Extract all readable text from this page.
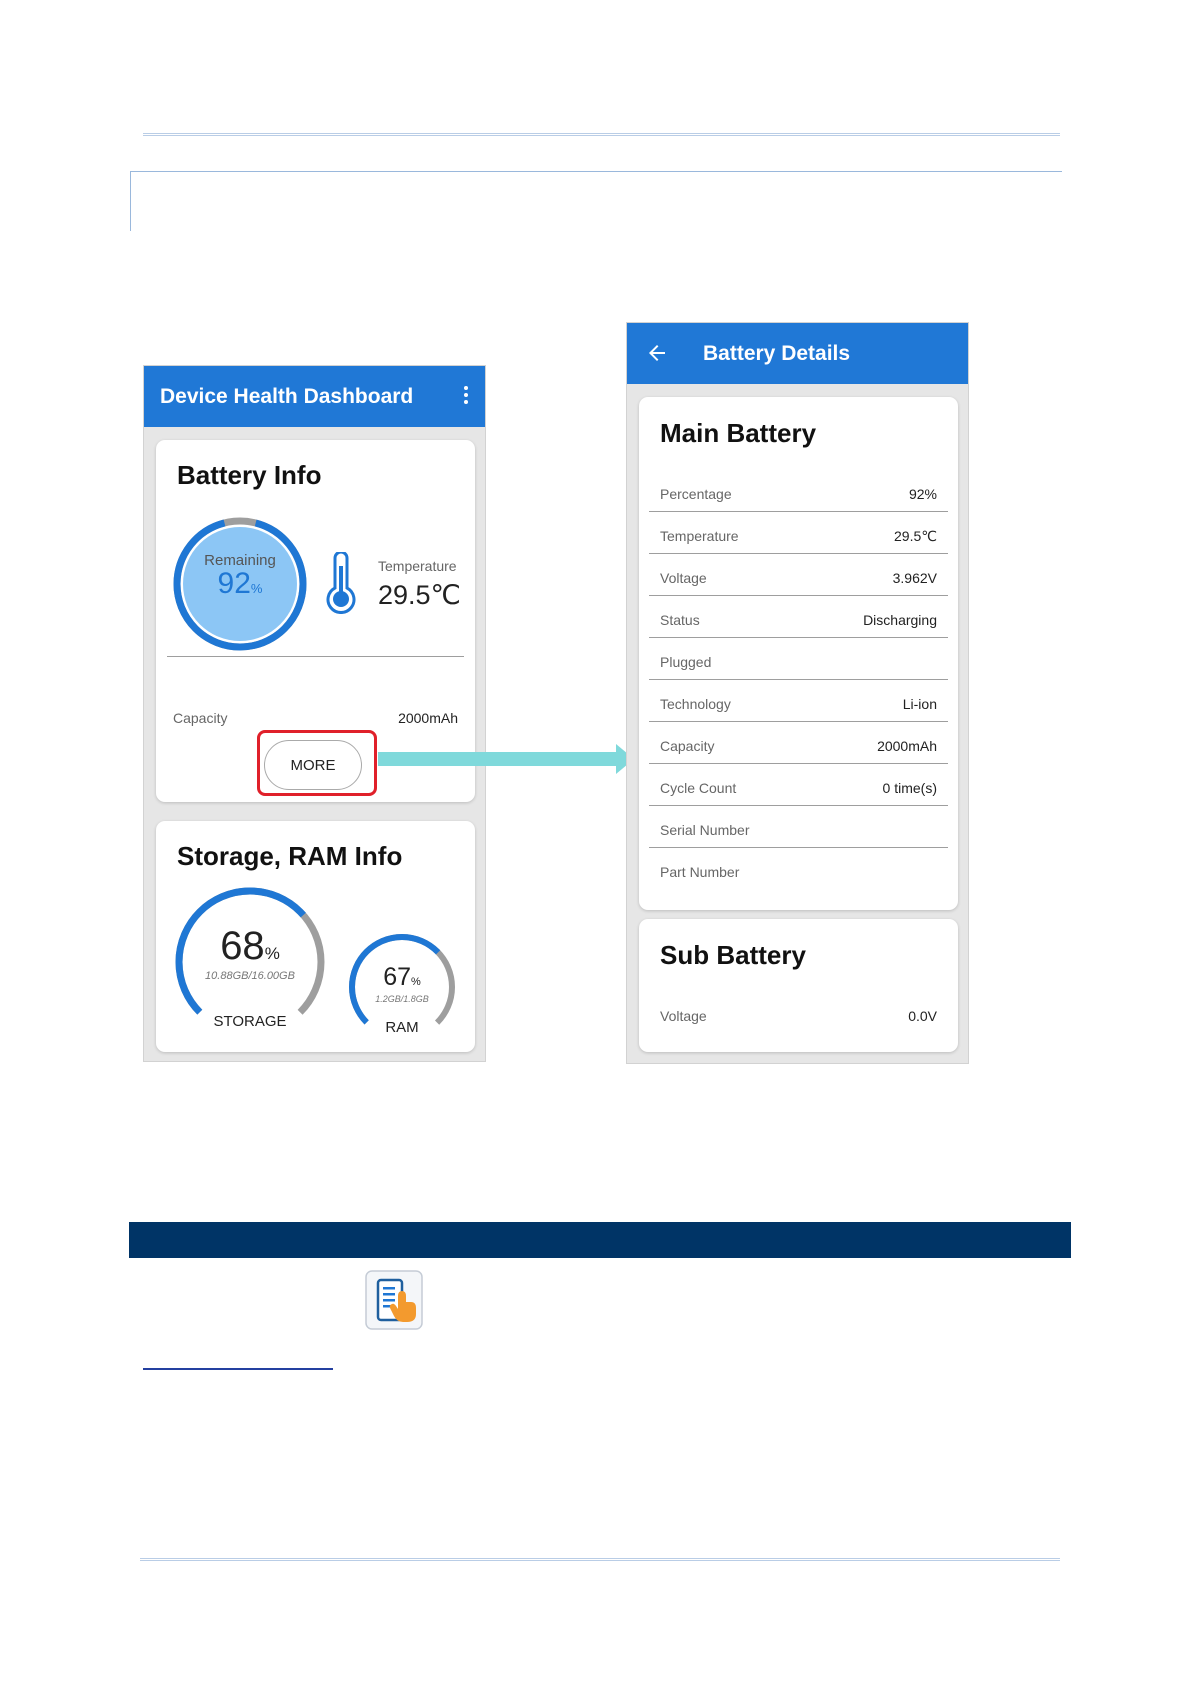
Device Health Dashboard
Battery Info
Remaining
92%
Temperature
29.5℃
Capacity	2000mAh
Storage, RAM Info
68%
10.88GB/16.00GB
STORAGE
67%
1.2GB/1.8GB
RAM
MORE
Battery Details
Main Battery
Percentage	92%
Temperature	29.5℃
Voltage	3.962V
Status	Discharging
Plugged
Technology	Li-ion
Capacity	2000mAh
Cycle Count	0 time(s)
Serial Number
Part Number
Sub Battery
Voltage	0.0V
